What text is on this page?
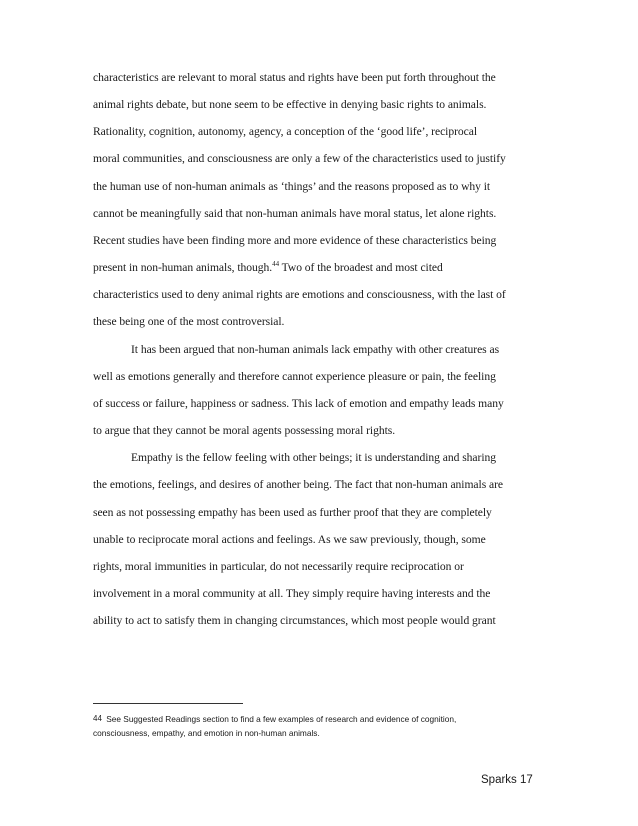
characteristics are relevant to moral status and rights have been put forth throughout the
animal rights debate, but none seem to be effective in denying basic rights to animals.
Rationality, cognition, autonomy, agency, a conception of the ‘good life’, reciprocal
moral communities, and consciousness are only a few of the characteristics used to justify
the human use of non-human animals as ‘things’ and the reasons proposed as to why it
cannot be meaningfully said that non-human animals have moral status, let alone rights.
Recent studies have been finding more and more evidence of these characteristics being
present in non-human animals, though.$^{44}$ Two of the broadest and most cited
characteristics used to deny animal rights are emotions and consciousness, with the last of
these being one of the most controversial.
It has been argued that non-human animals lack empathy with other creatures as
well as emotions generally and therefore cannot experience pleasure or pain, the feeling
of success or failure, happiness or sadness. This lack of emotion and empathy leads many
to argue that they cannot be moral agents possessing moral rights.
Empathy is the fellow feeling with other beings; it is understanding and sharing
the emotions, feelings, and desires of another being. The fact that non-human animals are
seen as not possessing empathy has been used as further proof that they are completely
unable to reciprocate moral actions and feelings. As we saw previously, though, some
rights, moral immunities in particular, do not necessarily require reciprocation or
involvement in a moral community at all. They simply require having interests and the
ability to act to satisfy them in changing circumstances, which most people would grant
44 See Suggested Readings section to find a few examples of research and evidence of cognition,
consciousness, empathy, and emotion in non-human animals.
Sparks 17
